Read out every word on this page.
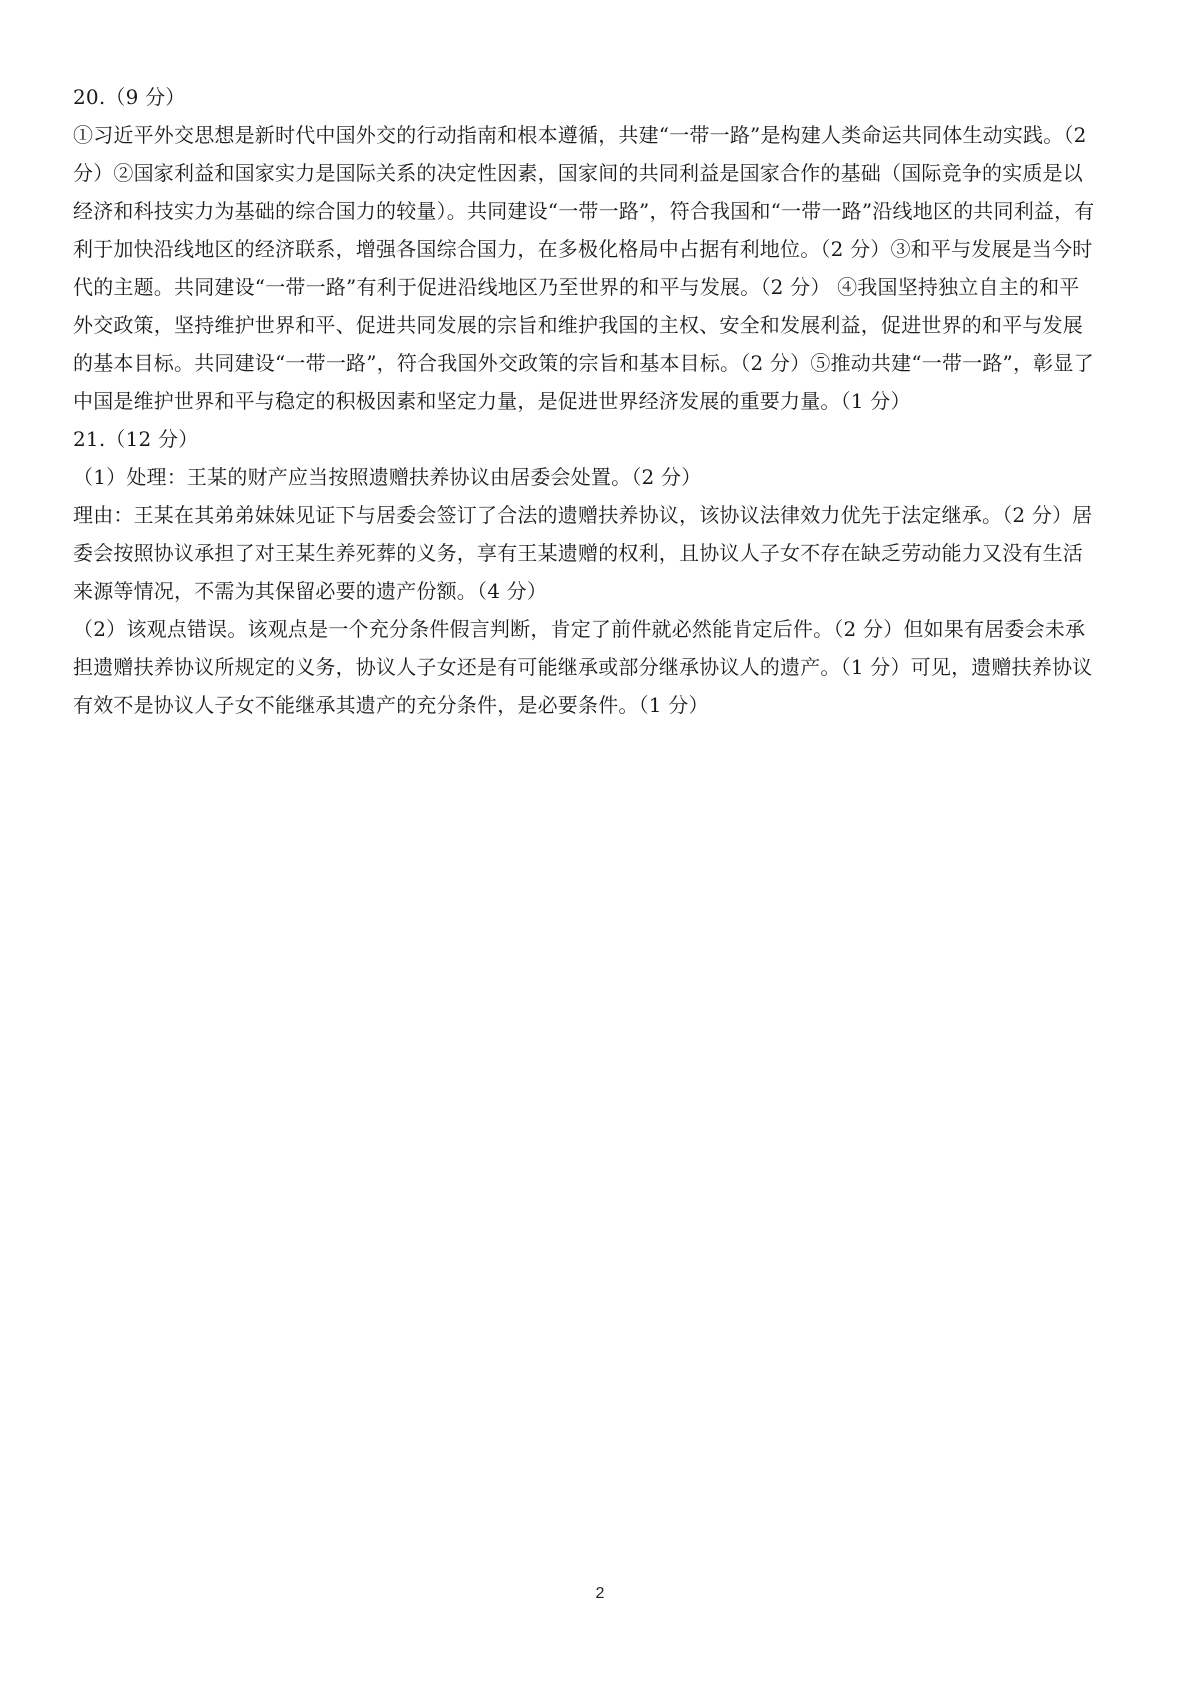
20.（9 分）
①习近平外交思想是新时代中国外交的行动指南和根本遵循，共建“一带一路”是构建人类命运共同体生动实践。（2
分）②国家利益和国家实力是国际关系的决定性因素，国家间的共同利益是国家合作的基础（国际竞争的实质是以
经济和科技实力为基础的综合国力的较量）。共同建设“一带一路”，符合我国和“一带一路”沿线地区的共同利益，有
利于加快沿线地区的经济联系，增强各国综合国力，在多极化格局中占据有利地位。（2 分）③和平与发展是当今时
代的主题。共同建设“一带一路”有利于促进沿线地区乃至世界的和平与发展。（2 分） ④我国坚持独立自主的和平
外交政策，坚持维护世界和平、促进共同发展的宗旨和维护我国的主权、安全和发展利益，促进世界的和平与发展
的基本目标。共同建设“一带一路”，符合我国外交政策的宗旨和基本目标。（2 分）⑤推动共建“一带一路”，彰显了
中国是维护世界和平与稳定的积极因素和坚定力量，是促进世界经济发展的重要力量。（1 分）
21.（12 分）
（1）处理：王某的财产应当按照遗赠扶养协议由居委会处置。（2 分）
理由：王某在其弟弟妹妹见证下与居委会签订了合法的遗赠扶养协议，该协议法律效力优先于法定继承。（2 分）居
委会按照协议承担了对王某生养死葬的义务，享有王某遗赠的权利，且协议人子女不存在缺乏劳动能力又没有生活
来源等情况，不需为其保留必要的遗产份额。（4 分）
（2）该观点错误。该观点是一个充分条件假言判断，肯定了前件就必然能肯定后件。（2 分）但如果有居委会未承
担遗赠扶养协议所规定的义务，协议人子女还是有可能继承或部分继承协议人的遗产。（1 分）可见，遗赠扶养协议
有效不是协议人子女不能继承其遗产的充分条件，是必要条件。（1 分）
2
